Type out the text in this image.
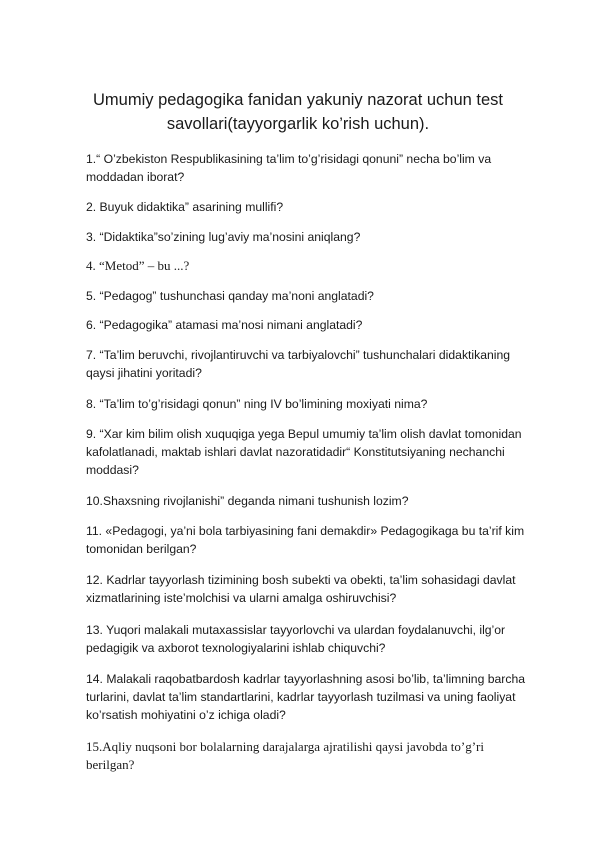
Umumiy pedagogika fanidan yakuniy nazorat uchun test
savollari(tayyorgarlik ko’rish uchun).

1.“ O’zbekiston Respublikasining ta’lim to’g’risidagi qonuni” necha bo’lim va
moddadan iborat?

2. Buyuk didaktika” asarining mullifi?

3. “Didaktika”so’zining lug’aviy ma’nosini aniqlang?

4. “Metod” – bu ...?

5. “Pedagog” tushunchasi qanday ma’noni anglatadi?

6. “Pedagogika” atamasi ma’nosi nimani anglatadi?

7. “Ta’lim beruvchi, rivojlantiruvchi va tarbiyalovchi” tushunchalari didaktikaning
qaysi jihatini yoritadi?

8. “Ta’lim to’g’risidagi qonun” ning IV bo’limining moxiyati nima?

9. “Xar kim bilim olish xuquqiga yega Bepul umumiy ta’lim olish davlat tomonidan
kafolatlanadi, maktab ishlari davlat nazoratidadir“ Konstitutsiyaning nechanchi
moddasi?

10.Shaxsning rivojlanishi” deganda nimani tushunish lozim?

11. «Pedagogi, ya’ni bola tarbiyasining fani demakdir» Pedagogikaga bu ta’rif kim
tomonidan berilgan?

12. Kadrlar tayyorlash tizimining bosh subekti va obekti, ta’lim sohasidagi davlat
xizmatlarining iste’molchisi va ularni amalga oshiruvchisi?

13. Yuqori malakali mutaxassislar tayyorlovchi va ulardan foydalanuvchi, ilg’or
pedagigik va axborot texnologiyalarini ishlab chiquvchi?

14. Malakali raqobatbardosh kadrlar tayyorlashning asosi bo’lib, ta’limning barcha
turlarini, davlat ta’lim standartlarini, kadrlar tayyorlash tuzilmasi va uning faoliyat
ko’rsatish mohiyatini o’z ichiga oladi?

15.Aqliy nuqsoni bor bolalarning darajalarga ajratilishi qaysi javobda to’g’ri
berilgan?
